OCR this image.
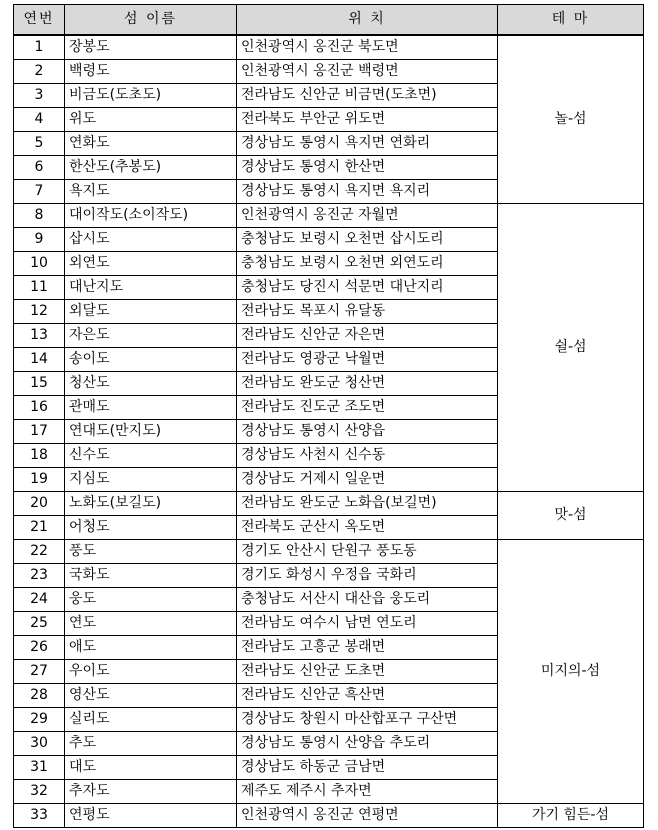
연번	섬 이름	위 치	테 마
1	장봉도	인천광역시 옹진군 북도면	놀-섬
2	백령도	인천광역시 옹진군 백령면	
3	비금도(도초도)	전라남도 신안군 비금면(도초면)	
4	위도	전라북도 부안군 위도면	
5	연화도	경상남도 통영시 욕지면 연화리	
6	한산도(추봉도)	경상남도 통영시 한산면	
7	욕지도	경상남도 통영시 욕지면 욕지리	
8	대이작도(소이작도)	인천광역시 옹진군 자월면	쉴-섬
9	삽시도	충청남도 보령시 오천면 삽시도리	
10	외연도	충청남도 보령시 오천면 외연도리	
11	대난지도	충청남도 당진시 석문면 대난지리	
12	외달도	전라남도 목포시 유달동	
13	자은도	전라남도 신안군 자은면	
14	송이도	전라남도 영광군 낙월면	
15	청산도	전라남도 완도군 청산면	
16	관매도	전라남도 진도군 조도면	
17	연대도(만지도)	경상남도 통영시 산양읍	
18	신수도	경상남도 사천시 신수동	
19	지심도	경상남도 거제시 일운면	
20	노화도(보길도)	전라남도 완도군 노화읍(보길면)	맛-섬
21	어청도	전라북도 군산시 옥도면	
22	풍도	경기도 안산시 단원구 풍도동	미지의-섬
23	국화도	경기도 화성시 우정읍 국화리	
24	웅도	충청남도 서산시 대산읍 웅도리	
25	연도	전라남도 여수시 남면 연도리	
26	애도	전라남도 고흥군 봉래면	
27	우이도	전라남도 신안군 도초면	
28	영산도	전라남도 신안군 흑산면	
29	실리도	경상남도 창원시 마산합포구 구산면	
30	추도	경상남도 통영시 산양읍 추도리	
31	대도	경상남도 하동군 금남면	
32	추자도	제주도 제주시 추자면	
33	연평도	인천광역시 옹진군 연평면	가기 힘든-섬
